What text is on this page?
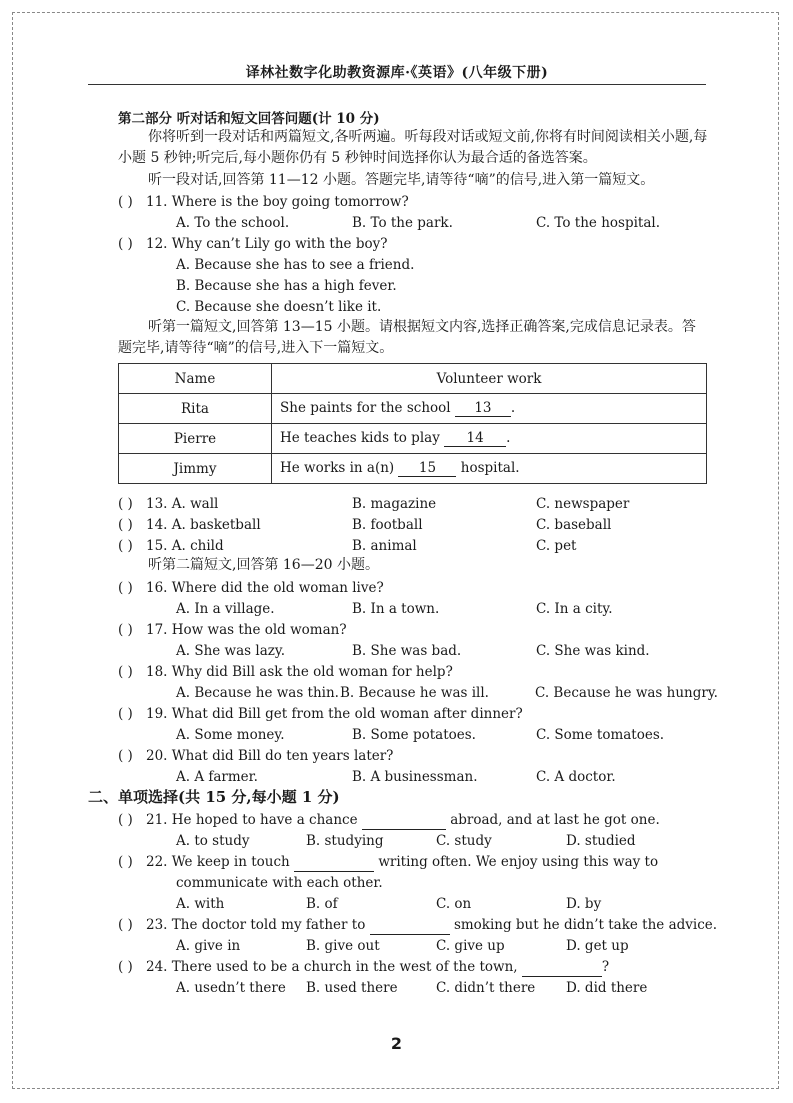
译林社数字化助教资源库·《英语》(八年级下册)
第二部分 听对话和短文回答问题(计 10 分)
你将听到一段对话和两篇短文,各听两遍。听每段对话或短文前,你将有时间阅读相关小题,每小题 5 秒钟;听完后,每小题你仍有 5 秒钟时间选择你认为最合适的备选答案。
听一段对话,回答第 11—12 小题。答题完毕,请等待“嘀”的信号,进入第一篇短文。
( ) 11. Where is the boy going tomorrow?
A. To the school.	B. To the park.	C. To the hospital.
( ) 12. Why can’t Lily go with the boy?
A. Because she has to see a friend.
B. Because she has a high fever.
C. Because she doesn’t like it.
听第一篇短文,回答第 13—15 小题。请根据短文内容,选择正确答案,完成信息记录表。答题完毕,请等待“嘀”的信号,进入下一篇短文。
Name	Volunteer work
Rita	She paints for the school 13 .
Pierre	He teaches kids to play 14 .
Jimmy	He works in a(n) 15 hospital.
( ) 13. A. wall	B. magazine	C. newspaper
( ) 14. A. basketball	B. football	C. baseball
( ) 15. A. child	B. animal	C. pet
听第二篇短文,回答第 16—20 小题。
( ) 16. Where did the old woman live?
A. In a village.	B. In a town.	C. In a city.
( ) 17. How was the old woman?
A. She was lazy.	B. She was bad.	C. She was kind.
( ) 18. Why did Bill ask the old woman for help?
A. Because he was thin. B. Because he was ill.	C. Because he was hungry.
( ) 19. What did Bill get from the old woman after dinner?
A. Some money.	B. Some potatoes.	C. Some tomatoes.
( ) 20. What did Bill do ten years later?
A. A farmer.	B. A businessman.	C. A doctor.
二、单项选择(共 15 分,每小题 1 分)
( ) 21. He hoped to have a chance	abroad, and at last he got one.
A. to study	B. studying	C. study	D. studied
( ) 22. We keep in touch	writing often. We enjoy using this way to
communicate with each other.
A. with	B. of	C. on	D. by
( ) 23. The doctor told my father to	smoking but he didn’t take the advice.
A. give in	B. give out	C. give up	D. get up
( ) 24. There used to be a church in the west of the town,	?
A. usedn’t there B. used there	C. didn’t there D. did there
2
